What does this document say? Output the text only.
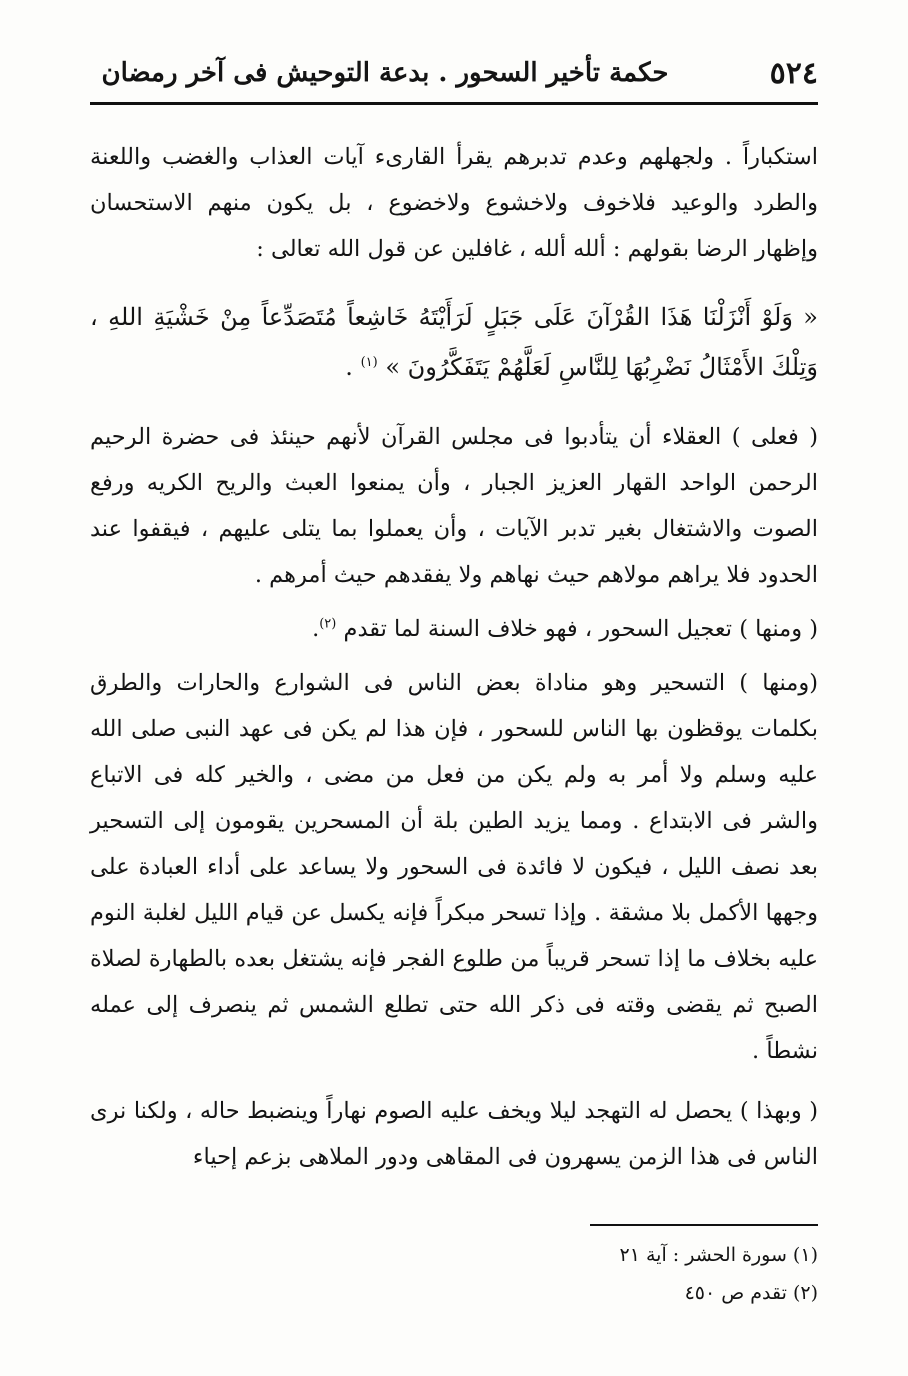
٥٢٤
حكمة تأخير السحور . بدعة التوحيش فى آخر رمضان

استكباراً . ولجهلهم وعدم تدبرهم يقرأ القارىء آيات العذاب والغضب واللعنة والطرد والوعيد فلاخوف ولاخشوع ولاخضوع ، بل يكون منهم الاستحسان وإظهار الرضا بقولهم : ألله ألله ، غافلين عن قول الله تعالى :

« وَلَوْ أَنْزَلْنَا هَذَا القُرْآنَ عَلَى جَبَلٍ لَرَأَيْتَهُ خَاشِعاً مُتَصَدِّعاً مِنْ خَشْيَةِ اللهِ ، وَتِلْكَ الأَمْثَالُ نَضْرِبُهَا لِلنَّاسِ لَعَلَّهُمْ يَتَفَكَّرُونَ » $^{(١)}$ .

( فعلى ) العقلاء أن يتأدبوا فى مجلس القرآن لأنهم حينئذ فى حضرة الرحيم الرحمن الواحد القهار العزيز الجبار ، وأن يمنعوا العبث والريح الكريه ورفع الصوت والاشتغال بغير تدبر الآيات ، وأن يعملوا بما يتلى عليهم ، فيقفوا عند الحدود فلا يراهم مولاهم حيث نهاهم ولا يفقدهم حيث أمرهم .

( ومنها ) تعجيل السحور ، فهو خلاف السنة لما تقدم $^{(٢)}$.

(ومنها ) التسحير وهو مناداة بعض الناس فى الشوارع والحارات والطرق بكلمات يوقظون بها الناس للسحور ، فإن هذا لم يكن فى عهد النبى صلى الله عليه وسلم ولا أمر به ولم يكن من فعل من مضى ، والخير كله فى الاتباع والشر فى الابتداع . ومما يزيد الطين بلة أن المسحرين يقومون إلى التسحير بعد نصف الليل ، فيكون لا فائدة فى السحور ولا يساعد على أداء العبادة على وجهها الأكمل بلا مشقة . وإذا تسحر مبكراً فإنه يكسل عن قيام الليل لغلبة النوم عليه بخلاف ما إذا تسحر قريباً من طلوع الفجر فإنه يشتغل بعده بالطهارة لصلاة الصبح ثم يقضى وقته فى ذكر الله حتى تطلع الشمس ثم ينصرف إلى عمله نشطاً .

( وبهذا ) يحصل له التهجد ليلا ويخف عليه الصوم نهاراً وينضبط حاله ، ولكنا نرى الناس فى هذا الزمن يسهرون فى المقاهى ودور الملاهى بزعم إحياء

(١) سورة الحشر : آية ٢١
(٢) تقدم ص ٤٥٠
